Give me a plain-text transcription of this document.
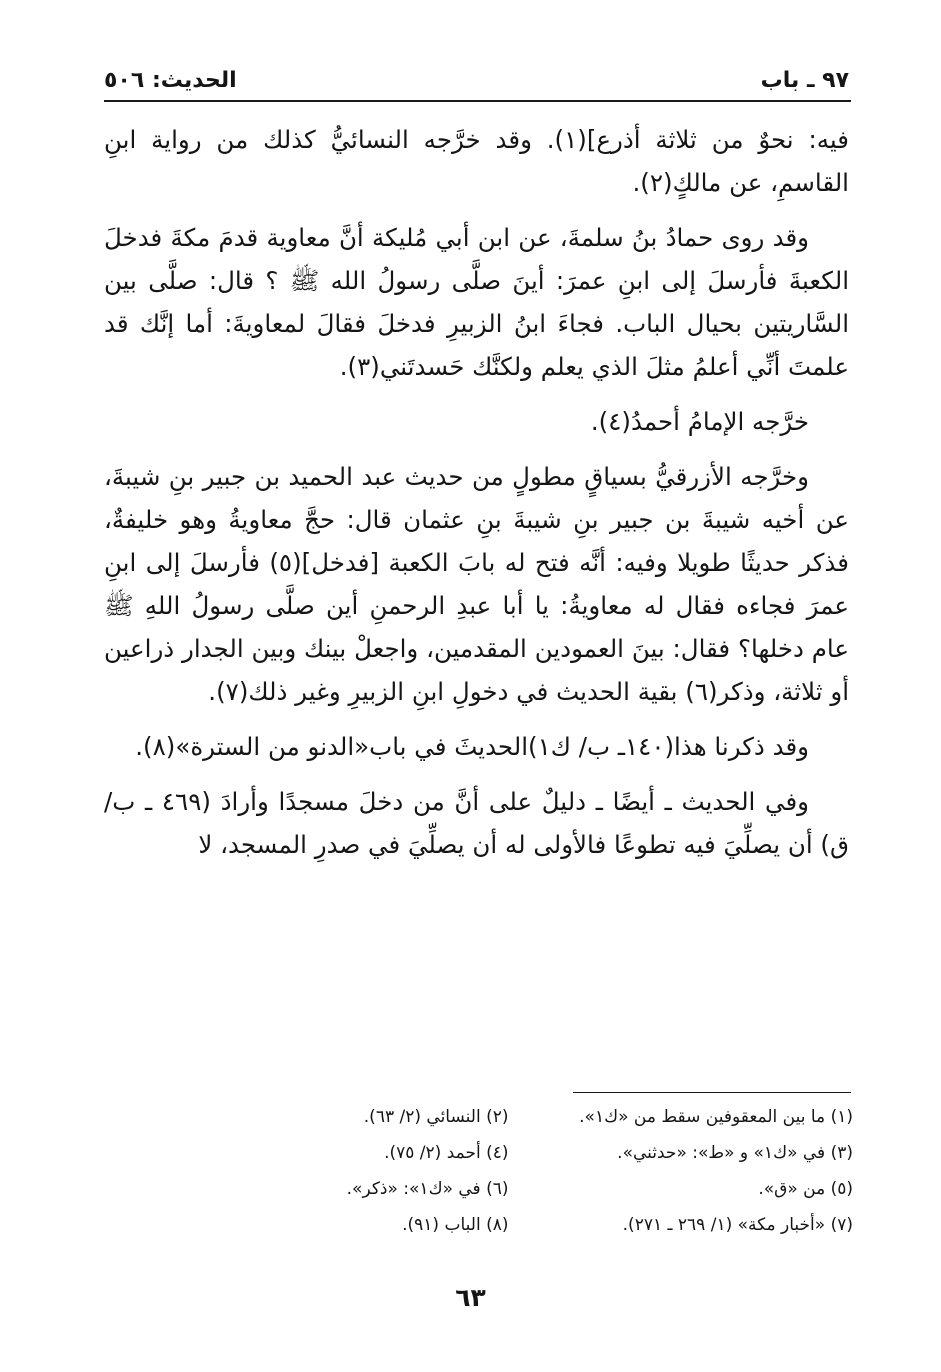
٩٧ ـ باب
الحديث: ٥٠٦

فيه: نحوٌ من ثلاثة أذرع](١). وقد خرَّجه النسائيُّ كذلك من رواية ابنِ القاسمِ، عن مالكٍ(٢).

وقد روى حمادُ بنُ سلمةَ، عن ابن أبي مُليكة أنَّ معاوية قدمَ مكةَ فدخلَ الكعبةَ فأرسلَ إلى ابنِ عمرَ: أينَ صلَّى رسولُ الله ﷺ ؟ قال: صلَّى بين السَّاريتين بحيال الباب. فجاءَ ابنُ الزبيرِ فدخلَ فقالَ لمعاويةَ: أما إنَّك قد علمتَ أنِّي أعلمُ مثلَ الذي يعلم ولكنَّك حَسدتَني(٣).

خرَّجه الإمامُ أحمدُ(٤).

وخرَّجه الأزرقيُّ بسياقٍ مطولٍ من حديث عبد الحميد بن جبير بنِ شيبةَ، عن أخيه شيبةَ بن جبير بنِ شيبةَ بنِ عثمان قال: حجَّ معاويةُ وهو خليفةٌ، فذكر حديثًا طويلا وفيه: أنَّه فتح له بابَ الكعبة [فدخل](٥) فأرسلَ إلى ابنِ عمرَ فجاءه فقال له معاويةُ: يا أبا عبدِ الرحمنِ أين صلَّى رسولُ اللهِ ﷺ عام دخلها؟ فقال: بينَ العمودين المقدمين، واجعلْ بينك وبين الجدار ذراعين أو ثلاثة، وذكر(٦) بقية الحديث في دخولِ ابنِ الزبيرِ وغير ذلك(٧).

وقد ذكرنا هذا(١٤٠ـ ب/ ك١)الحديثَ في باب«الدنو من السترة»(٨).

وفي الحديث ـ أيضًا ـ دليلٌ على أنَّ من دخلَ مسجدًا وأرادَ (٤٦٩ ـ ب/ ق) أن يصلِّيَ فيه تطوعًا فالأولى له أن يصلِّيَ في صدرِ المسجد، لا

(١) ما بين المعقوفين سقط من «ك١».
(٢) النسائي (٢/ ٦٣).
(٣) في «ك١» و «ط»: «حدثني».
(٤) أحمد (٢/ ٧٥).
(٥) من «ق».
(٦) في «ك١»: «ذكر».
(٧) «أخبار مكة» (١/ ٢٦٩ ـ ٢٧١).
(٨) الباب (٩١).
٦٣
